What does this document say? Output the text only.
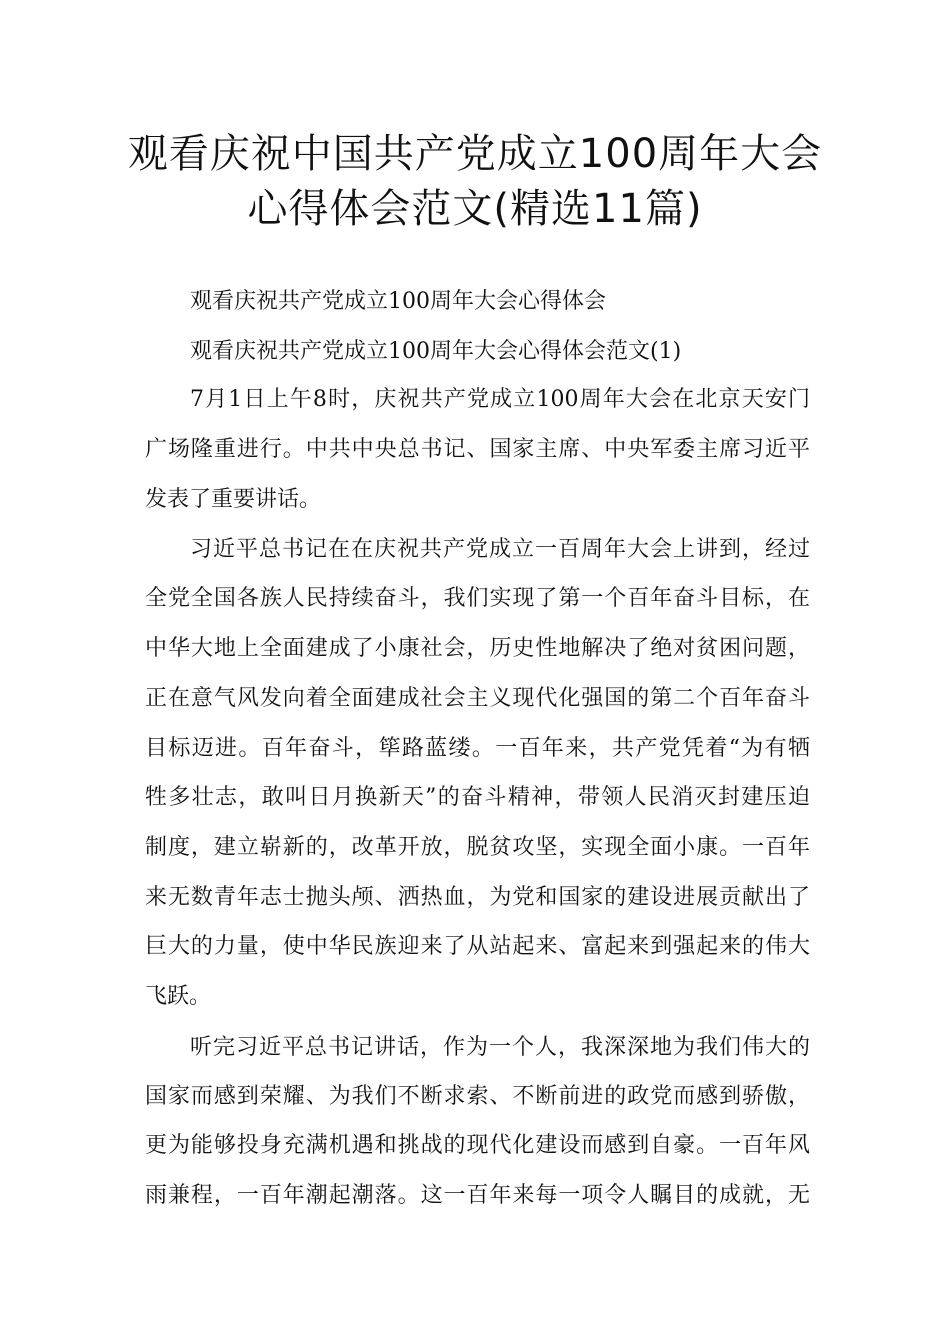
观看庆祝中国共产党成立100周年大会
心得体会范文(精选11篇)
观看庆祝共产党成立100周年大会心得体会
观看庆祝共产党成立100周年大会心得体会范文(1)
7月1日上午8时，庆祝共产党成立100周年大会在北京天安门
广场隆重进行。中共中央总书记、国家主席、中央军委主席习近平
发表了重要讲话。
习近平总书记在在庆祝共产党成立一百周年大会上讲到，经过
全党全国各族人民持续奋斗，我们实现了第一个百年奋斗目标，在
中华大地上全面建成了小康社会，历史性地解决了绝对贫困问题，
正在意气风发向着全面建成社会主义现代化强国的第二个百年奋斗
目标迈进。百年奋斗，筚路蓝缕。一百年来，共产党凭着“为有牺
牲多壮志，敢叫日月换新天”的奋斗精神，带领人民消灭封建压迫
制度，建立崭新的，改革开放，脱贫攻坚，实现全面小康。一百年
来无数青年志士抛头颅、洒热血，为党和国家的建设进展贡献出了
巨大的力量，使中华民族迎来了从站起来、富起来到强起来的伟大
飞跃。
听完习近平总书记讲话，作为一个人，我深深地为我们伟大的
国家而感到荣耀、为我们不断求索、不断前进的政党而感到骄傲，
更为能够投身充满机遇和挑战的现代化建设而感到自豪。一百年风
雨兼程，一百年潮起潮落。这一百年来每一项令人瞩目的成就，无
